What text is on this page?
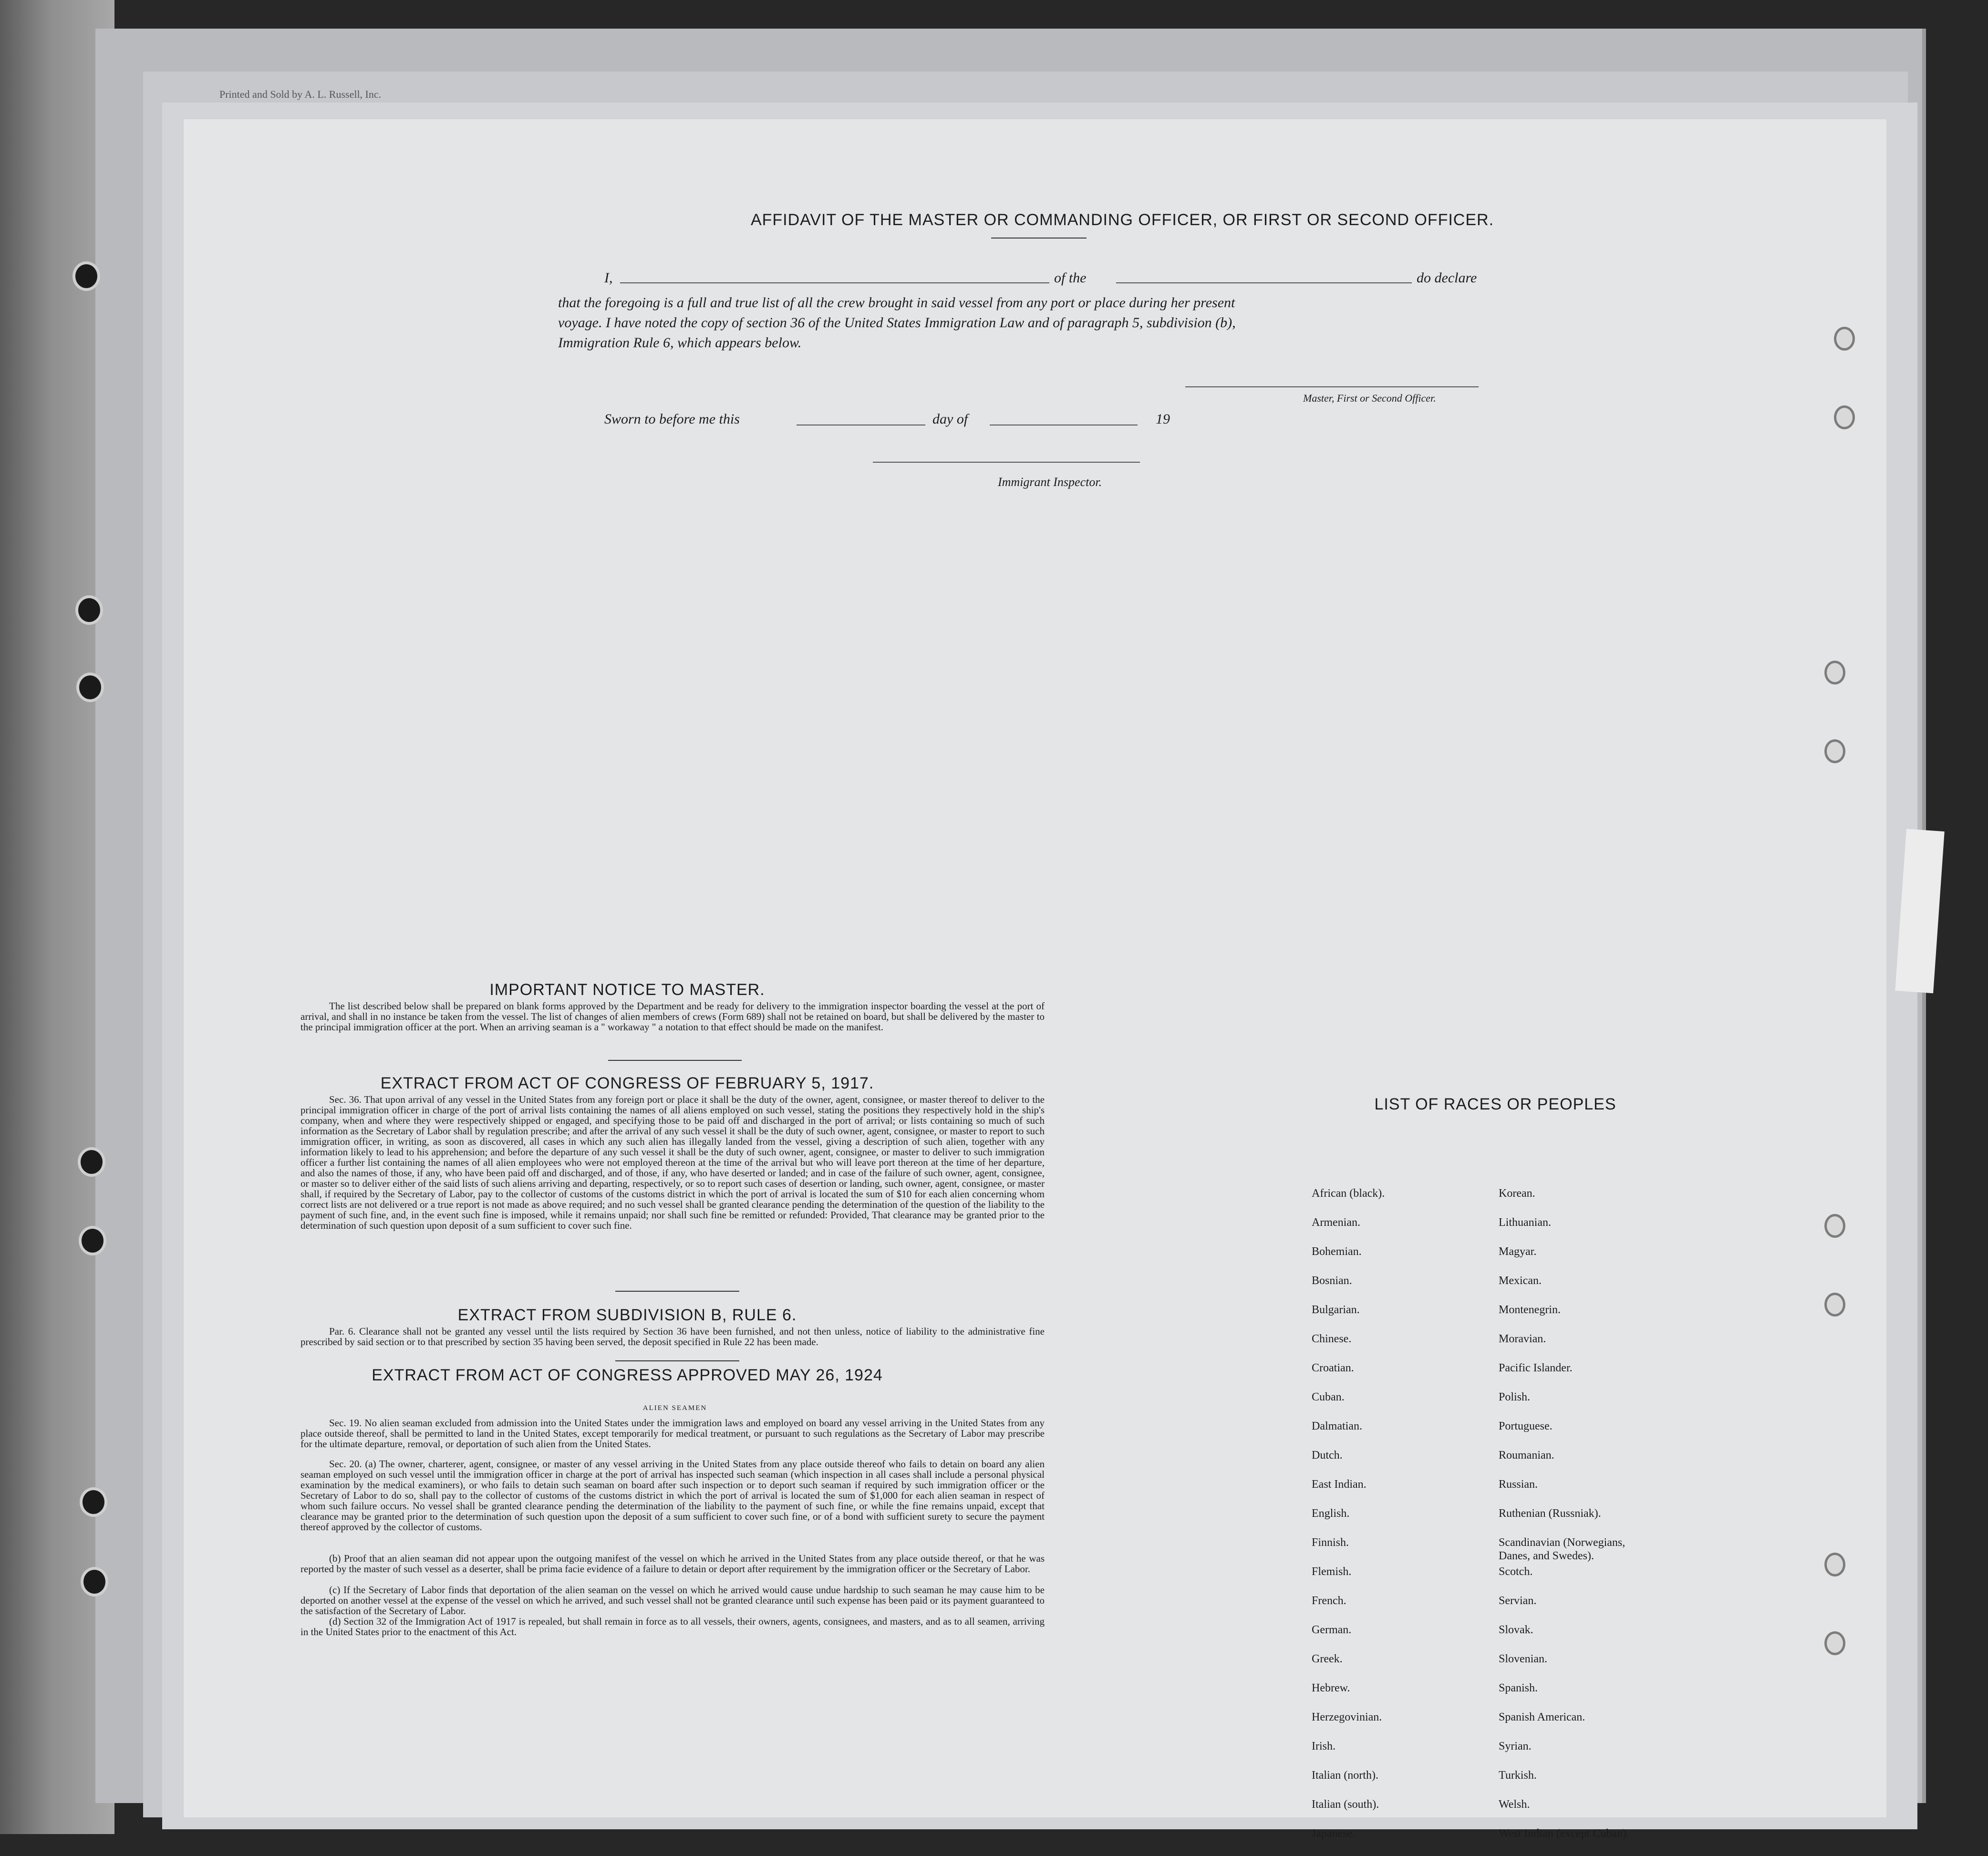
Printed and Sold by A. L. Russell, Inc.
AFFIDAVIT OF THE MASTER OR COMMANDING OFFICER, OR FIRST OR SECOND OFFICER.
I,	of the	do declare
that the foregoing is a full and true list of all the crew brought in said vessel from any port or place during her present
voyage. I have noted the copy of section 36 of the United States Immigration Law and of paragraph 5, subdivision (b),
Immigration Rule 6, which appears below.
Master, First or Second Officer.
Sworn to before me this	day of	19
Immigrant Inspector.
IMPORTANT NOTICE TO MASTER.

The list described below shall be prepared on blank forms approved by the Department and be ready for delivery to the immigration inspector boarding the vessel at the port of arrival, and shall in no instance be taken from the vessel. The list of changes of alien members of crews (Form 689) shall not be retained on board, but shall be delivered by the master to the principal immigration officer at the port. When an arriving seaman is a " workaway " a notation to that effect should be made on the manifest.

EXTRACT FROM ACT OF CONGRESS OF FEBRUARY 5, 1917.

Sec. 36. That upon arrival of any vessel in the United States from any foreign port or place it shall be the duty of the owner, agent, consignee, or master thereof to deliver to the principal immigration officer in charge of the port of arrival lists containing the names of all aliens employed on such vessel, stating the positions they respectively hold in the ship's company, when and where they were respectively shipped or engaged, and specifying those to be paid off and discharged in the port of arrival; or lists containing so much of such information as the Secretary of Labor shall by regulation prescribe; and after the arrival of any such vessel it shall be the duty of such owner, agent, consignee, or master to report to such immigration officer, in writing, as soon as discovered, all cases in which any such alien has illegally landed from the vessel, giving a description of such alien, together with any information likely to lead to his apprehension; and before the departure of any such vessel it shall be the duty of such owner, agent, consignee, or master to deliver to such immigration officer a further list containing the names of all alien employees who were not employed thereon at the time of the arrival but who will leave port thereon at the time of her departure, and also the names of those, if any, who have been paid off and discharged, and of those, if any, who have deserted or landed; and in case of the failure of such owner, agent, consignee, or master so to deliver either of the said lists of such aliens arriving and departing, respectively, or so to report such cases of desertion or landing, such owner, agent, consignee, or master shall, if required by the Secretary of Labor, pay to the collector of customs of the customs district in which the port of arrival is located the sum of $10 for each alien concerning whom correct lists are not delivered or a true report is not made as above required; and no such vessel shall be granted clearance pending the determination of the question of the liability to the payment of such fine, and, in the event such fine is imposed, while it remains unpaid; nor shall such fine be remitted or refunded: Provided, That clearance may be granted prior to the determination of such question upon deposit of a sum sufficient to cover such fine.

EXTRACT FROM SUBDIVISION B, RULE 6.

Par. 6. Clearance shall not be granted any vessel until the lists required by Section 36 have been furnished, and not then unless, notice of liability to the administrative fine prescribed by said section or to that prescribed by section 35 having been served, the deposit specified in Rule 22 has been made.

EXTRACT FROM ACT OF CONGRESS APPROVED MAY 26, 1924
ALIEN SEAMEN

Sec. 19. No alien seaman excluded from admission into the United States under the immigration laws and employed on board any vessel arriving in the United States from any place outside thereof, shall be permitted to land in the United States, except temporarily for medical treatment, or pursuant to such regulations as the Secretary of Labor may prescribe for the ultimate departure, removal, or deportation of such alien from the United States.

Sec. 20. (a) The owner, charterer, agent, consignee, or master of any vessel arriving in the United States from any place outside thereof who fails to detain on board any alien seaman employed on such vessel until the immigration officer in charge at the port of arrival has inspected such seaman (which inspection in all cases shall include a personal physical examination by the medical examiners), or who fails to detain such seaman on board after such inspection or to deport such seaman if required by such immigration officer or the Secretary of Labor to do so, shall pay to the collector of customs of the customs district in which the port of arrival is located the sum of $1,000 for each alien seaman in respect of whom such failure occurs. No vessel shall be granted clearance pending the determination of the liability to the payment of such fine, or while the fine remains unpaid, except that clearance may be granted prior to the determination of such question upon the deposit of a sum sufficient to cover such fine, or of a bond with sufficient surety to secure the payment thereof approved by the collector of customs.

(b) Proof that an alien seaman did not appear upon the outgoing manifest of the vessel on which he arrived in the United States from any place outside thereof, or that he was reported by the master of such vessel as a deserter, shall be prima facie evidence of a failure to detain or deport after requirement by the immigration officer or the Secretary of Labor.

(c) If the Secretary of Labor finds that deportation of the alien seaman on the vessel on which he arrived would cause undue hardship to such seaman he may cause him to be deported on another vessel at the expense of the vessel on which he arrived, and such vessel shall not be granted clearance until such expense has been paid or its payment guaranteed to the satisfaction of the Secretary of Labor.

(d) Section 32 of the Immigration Act of 1917 is repealed, but shall remain in force as to all vessels, their owners, agents, consignees, and masters, and as to all seamen, arriving in the United States prior to the enactment of this Act.

LIST OF RACES OR PEOPLES
African (black).
Armenian.
Bohemian.
Bosnian.
Bulgarian.
Chinese.
Croatian.
Cuban.
Dalmatian.
Dutch.
East Indian.
English.
Finnish.
Flemish.
French.
German.
Greek.
Hebrew.
Herzegovinian.
Irish.
Italian (north).
Italian (south).
Japanese.
Korean.
Lithuanian.
Magyar.
Mexican.
Montenegrin.
Moravian.
Pacific Islander.
Polish.
Portuguese.
Roumanian.
Russian.
Ruthenian (Russniak).
Scandinavian (Norwegians,
Danes, and Swedes).
Scotch.
Servian.
Slovak.
Slovenian.
Spanish.
Spanish American.
Syrian.
Turkish.
Welsh.
West Indian (except Cuban).
